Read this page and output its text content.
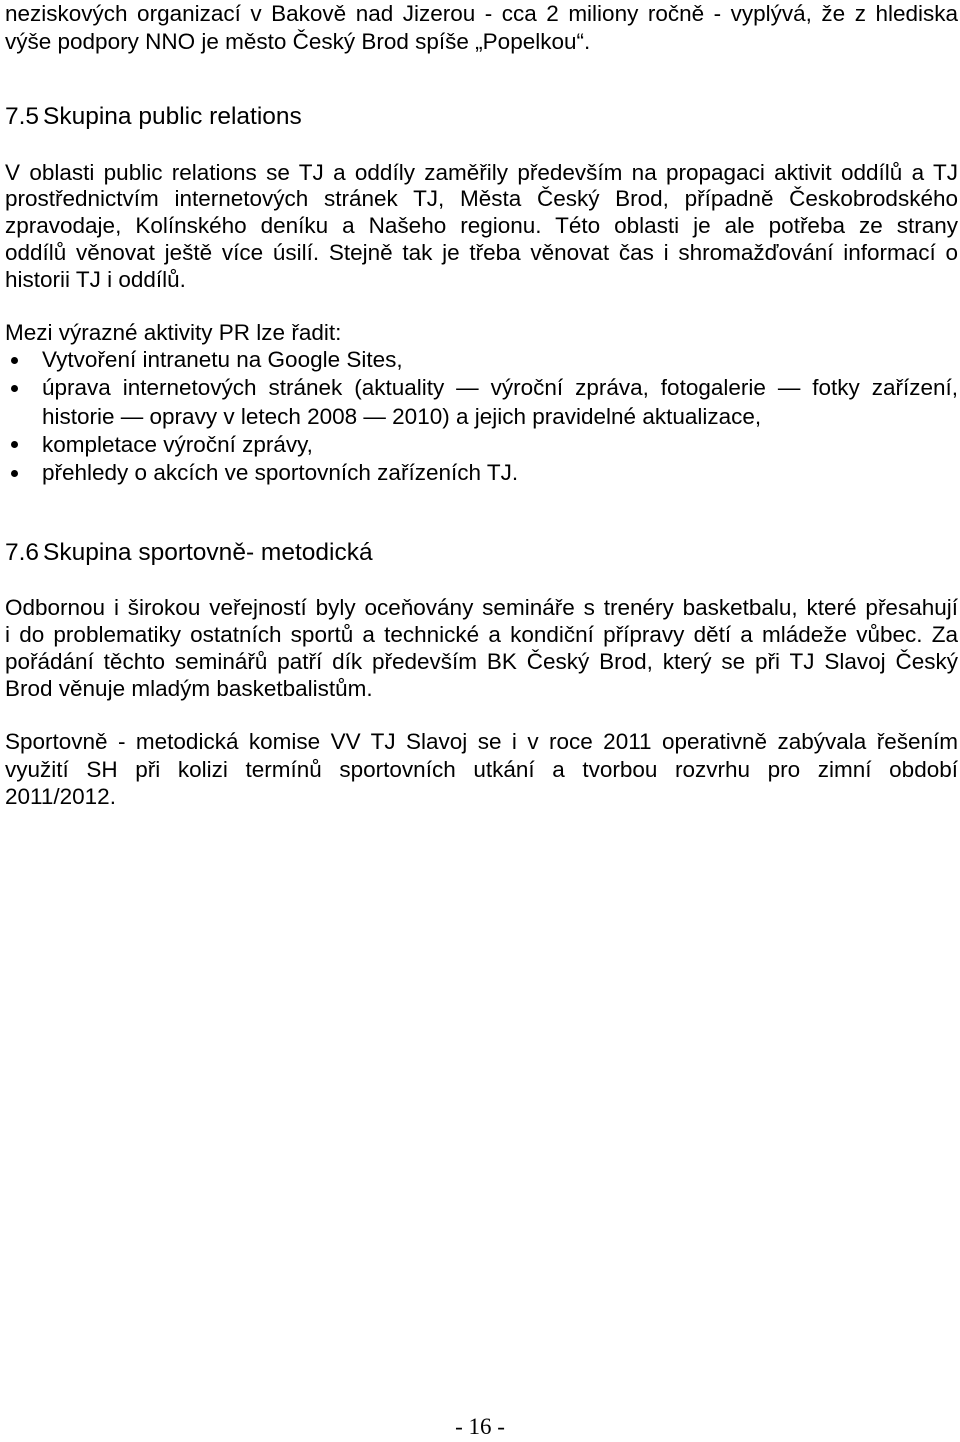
neziskových organizací v Bakově nad Jizerou - cca 2 miliony ročně - vyplývá, že z hlediska
výše podpory NNO je město Český Brod spíše „Popelkou“.
7.5 Skupina public relations
V oblasti public relations se TJ a oddíly zaměřily především na propagaci aktivit oddílů a TJ
prostřednictvím internetových stránek TJ, Města Český Brod, případně Českobrodského
zpravodaje, Kolínského deníku a Našeho regionu. Této oblasti je ale potřeba ze strany
oddílů věnovat ještě více úsilí. Stejně tak je třeba věnovat čas i shromažďování informací o
historii TJ i oddílů.
Mezi výrazné aktivity PR lze řadit:
Vytvoření intranetu na Google Sites,
úprava internetových stránek (aktuality — výroční zpráva, fotogalerie — fotky zařízení,
historie — opravy v letech 2008 — 2010) a jejich pravidelné aktualizace,
kompletace výroční zprávy,
přehledy o akcích ve sportovních zařízeních TJ.
7.6 Skupina sportovně- metodická
Odbornou i širokou veřejností byly oceňovány semináře s trenéry basketbalu, které přesahují
i do problematiky ostatních sportů a technické a kondiční přípravy dětí a mládeže vůbec. Za
pořádání těchto seminářů patří dík především BK Český Brod, který se při TJ Slavoj Český
Brod věnuje mladým basketbalistům.
Sportovně - metodická komise VV TJ Slavoj se i v roce 2011 operativně zabývala řešením
využití SH při kolizi termínů sportovních utkání a tvorbou rozvrhu pro zimní období
2011/2012.
- 16 -
